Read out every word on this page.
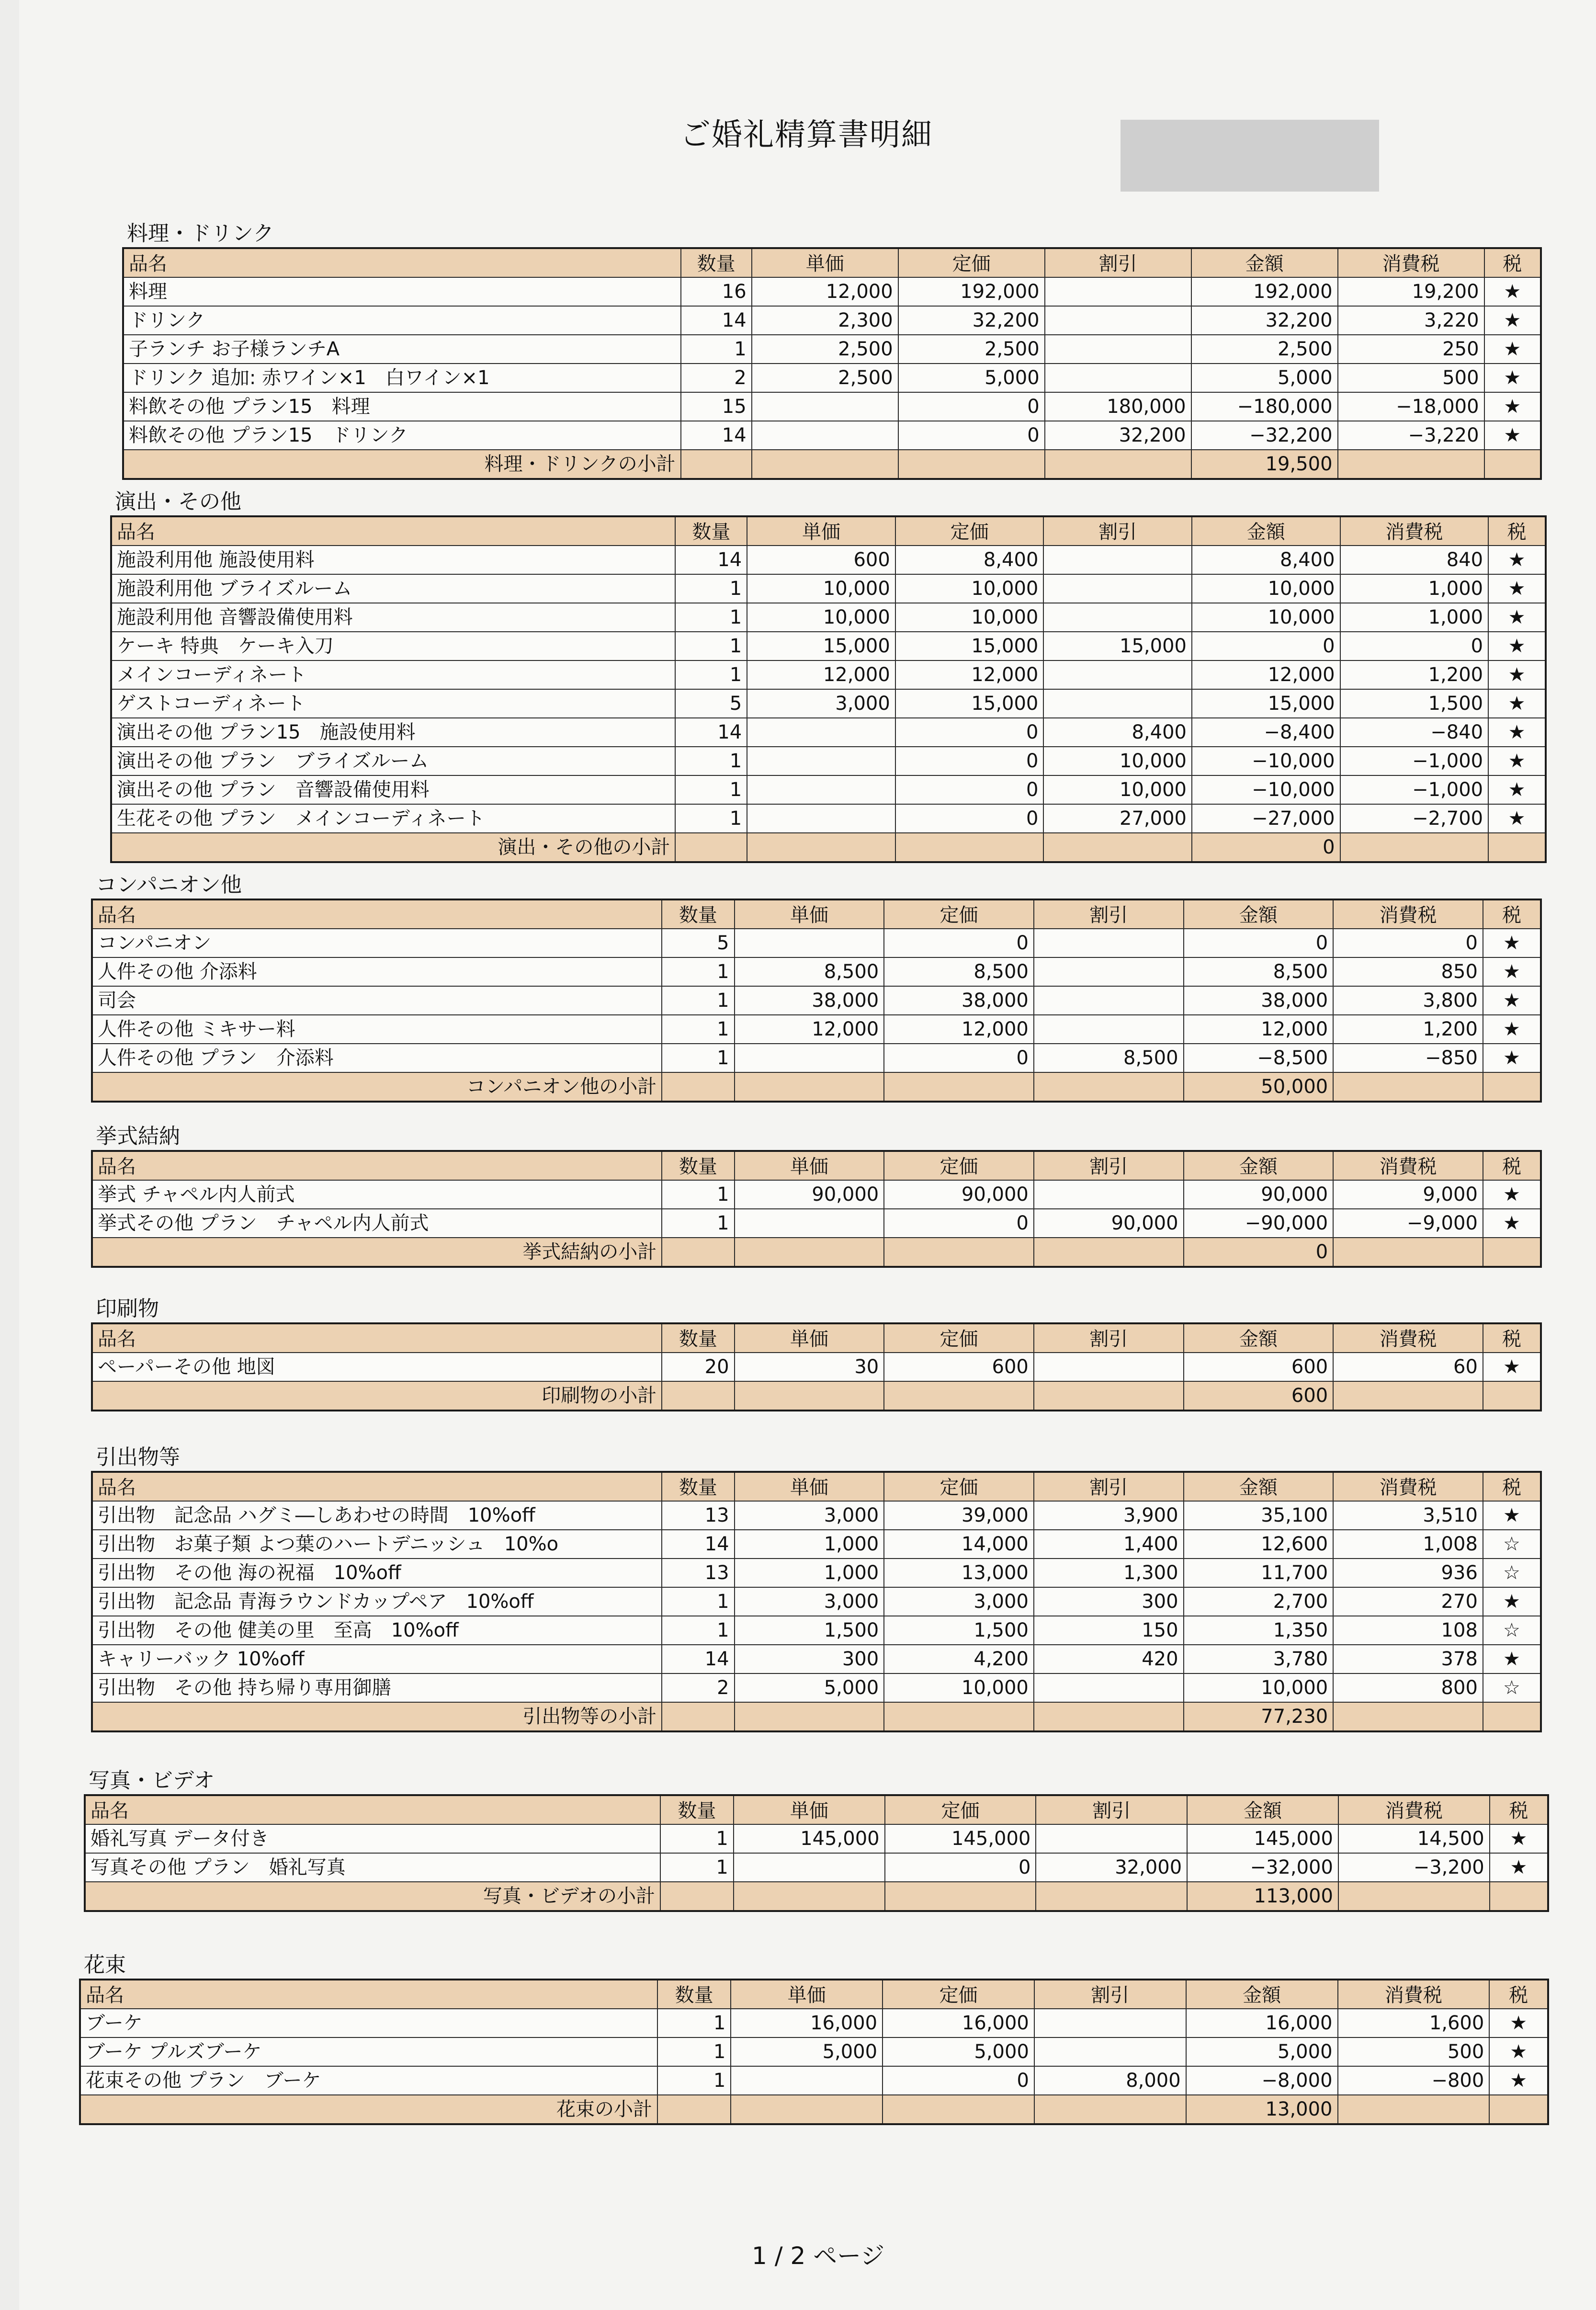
ご婚礼精算書明細
料理・ドリンク
品名	数量	単価	定価	割引	金額	消費税	税
料理	16	12,000	192,000		192,000	19,200	★
ドリンク	14	2,300	32,200		32,200	3,220	★
子ランチ お子様ランチA	1	2,500	2,500		2,500	250	★
ドリンク 追加: 赤ワイン×1　白ワイン×1	2	2,500	5,000		5,000	500	★
料飲その他 プラン15　料理	15		0	180,000	−180,000	−18,000	★
料飲その他 プラン15　ドリンク	14		0	32,200	−32,200	−3,220	★
料理・ドリンクの小計					19,500		
演出・その他
品名	数量	単価	定価	割引	金額	消費税	税
施設利用他 施設使用料	14	600	8,400		8,400	840	★
施設利用他 ブライズルーム	1	10,000	10,000		10,000	1,000	★
施設利用他 音響設備使用料	1	10,000	10,000		10,000	1,000	★
ケーキ 特典　ケーキ入刀	1	15,000	15,000	15,000	0	0	★
メインコーディネート	1	12,000	12,000		12,000	1,200	★
ゲストコーディネート	5	3,000	15,000		15,000	1,500	★
演出その他 プラン15　施設使用料	14		0	8,400	−8,400	−840	★
演出その他 プラン　ブライズルーム	1		0	10,000	−10,000	−1,000	★
演出その他 プラン　音響設備使用料	1		0	10,000	−10,000	−1,000	★
生花その他 プラン　メインコーディネート	1		0	27,000	−27,000	−2,700	★
演出・その他の小計					0		
コンパニオン他
品名	数量	単価	定価	割引	金額	消費税	税
コンパニオン	5		0		0	0	★
人件その他 介添料	1	8,500	8,500		8,500	850	★
司会	1	38,000	38,000		38,000	3,800	★
人件その他 ミキサー料	1	12,000	12,000		12,000	1,200	★
人件その他 プラン　介添料	1		0	8,500	−8,500	−850	★
コンパニオン他の小計					50,000		
挙式結納
品名	数量	単価	定価	割引	金額	消費税	税
挙式 チャペル内人前式	1	90,000	90,000		90,000	9,000	★
挙式その他 プラン　チャペル内人前式	1		0	90,000	−90,000	−9,000	★
挙式結納の小計					0		
印刷物
品名	数量	単価	定価	割引	金額	消費税	税
ペーパーその他 地図	20	30	600		600	60	★
印刷物の小計					600		
引出物等
品名	数量	単価	定価	割引	金額	消費税	税
引出物　記念品 ハグミ―しあわせの時間　10%off	13	3,000	39,000	3,900	35,100	3,510	★
引出物　お菓子類 よつ葉のハートデニッシュ　10%o	14	1,000	14,000	1,400	12,600	1,008	☆
引出物　その他 海の祝福　10%off	13	1,000	13,000	1,300	11,700	936	☆
引出物　記念品 青海ラウンドカップペア　10%off	1	3,000	3,000	300	2,700	270	★
引出物　その他 健美の里　至高　10%off	1	1,500	1,500	150	1,350	108	☆
キャリーバック 10%off	14	300	4,200	420	3,780	378	★
引出物　その他 持ち帰り専用御膳	2	5,000	10,000		10,000	800	☆
引出物等の小計					77,230		
写真・ビデオ
品名	数量	単価	定価	割引	金額	消費税	税
婚礼写真 データ付き	1	145,000	145,000		145,000	14,500	★
写真その他 プラン　婚礼写真	1		0	32,000	−32,000	−3,200	★
写真・ビデオの小計					113,000		
花束
品名	数量	単価	定価	割引	金額	消費税	税
ブーケ	1	16,000	16,000		16,000	1,600	★
ブーケ プルズブーケ	1	5,000	5,000		5,000	500	★
花束その他 プラン　ブーケ	1		0	8,000	−8,000	−800	★
花束の小計					13,000		
1 / 2 ページ
